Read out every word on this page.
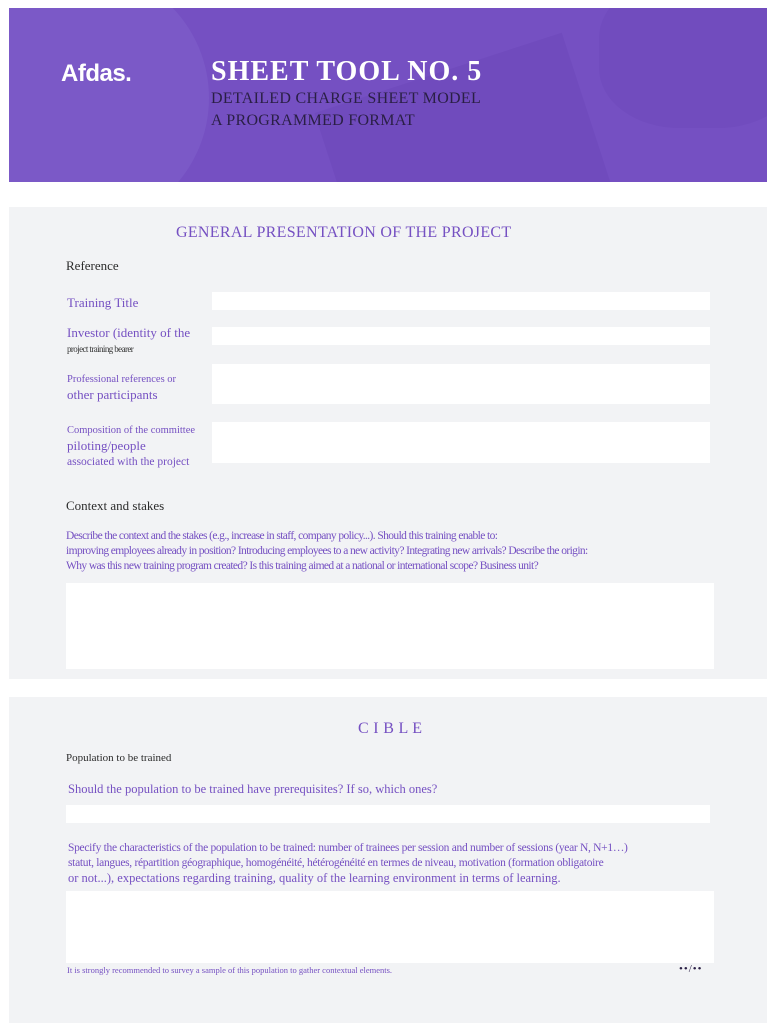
Afdas.	SHEET TOOL NO. 5
DETAILED CHARGE SHEET MODEL
A PROGRAMMED FORMAT
GENERAL PRESENTATION OF THE PROJECT
Reference
Training Title
Investor (identity of the
project training bearer
Professional references or
other participants
Composition of the committee
piloting/people
associated with the project
Context and stakes
Describe the context and the stakes (e.g., increase in staff, company policy...). Should this training enable to:
improving employees already in position? Introducing employees to a new activity? Integrating new arrivals? Describe the origin:
Why was this new training program created? Is this training aimed at a national or international scope? Business unit?
C I B L E
Population to be trained
Should the population to be trained have prerequisites? If so, which ones?
Specify the characteristics of the population to be trained: number of trainees per session and number of sessions (year N, N+1…)
statut, langues, répartition géographique, homogénéité, hétérogénéité en termes de niveau, motivation (formation obligatoire
or not...), expectations regarding training, quality of the learning environment in terms of learning.
It is strongly recommended to survey a sample of this population to gather contextual elements.	••/••
